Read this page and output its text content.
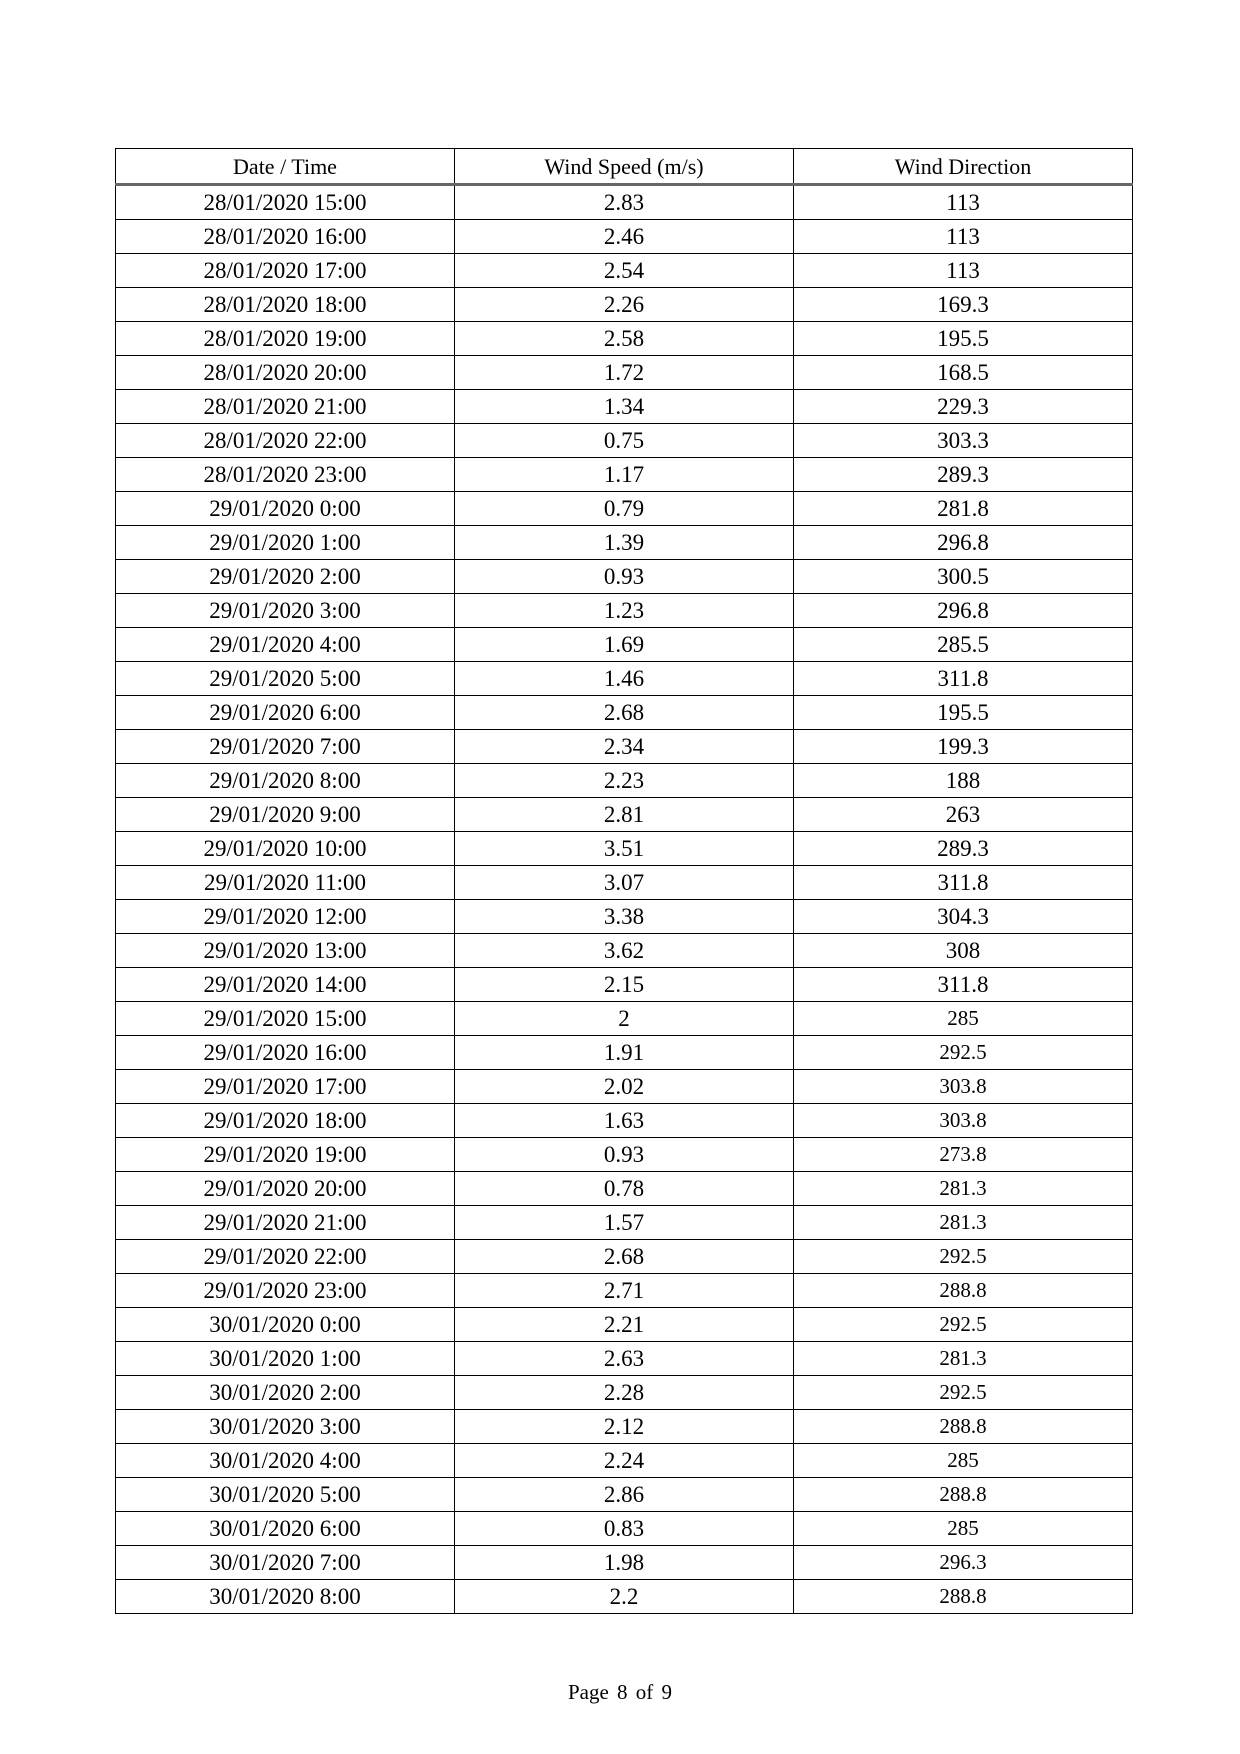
Date / Time	Wind Speed (m/s)	Wind Direction
28/01/2020 15:00	2.83	113
28/01/2020 16:00	2.46	113
28/01/2020 17:00	2.54	113
28/01/2020 18:00	2.26	169.3
28/01/2020 19:00	2.58	195.5
28/01/2020 20:00	1.72	168.5
28/01/2020 21:00	1.34	229.3
28/01/2020 22:00	0.75	303.3
28/01/2020 23:00	1.17	289.3
29/01/2020 0:00	0.79	281.8
29/01/2020 1:00	1.39	296.8
29/01/2020 2:00	0.93	300.5
29/01/2020 3:00	1.23	296.8
29/01/2020 4:00	1.69	285.5
29/01/2020 5:00	1.46	311.8
29/01/2020 6:00	2.68	195.5
29/01/2020 7:00	2.34	199.3
29/01/2020 8:00	2.23	188
29/01/2020 9:00	2.81	263
29/01/2020 10:00	3.51	289.3
29/01/2020 11:00	3.07	311.8
29/01/2020 12:00	3.38	304.3
29/01/2020 13:00	3.62	308
29/01/2020 14:00	2.15	311.8
29/01/2020 15:00	2	285
29/01/2020 16:00	1.91	292.5
29/01/2020 17:00	2.02	303.8
29/01/2020 18:00	1.63	303.8
29/01/2020 19:00	0.93	273.8
29/01/2020 20:00	0.78	281.3
29/01/2020 21:00	1.57	281.3
29/01/2020 22:00	2.68	292.5
29/01/2020 23:00	2.71	288.8
30/01/2020 0:00	2.21	292.5
30/01/2020 1:00	2.63	281.3
30/01/2020 2:00	2.28	292.5
30/01/2020 3:00	2.12	288.8
30/01/2020 4:00	2.24	285
30/01/2020 5:00	2.86	288.8
30/01/2020 6:00	0.83	285
30/01/2020 7:00	1.98	296.3
30/01/2020 8:00	2.2	288.8
Page 8 of 9
